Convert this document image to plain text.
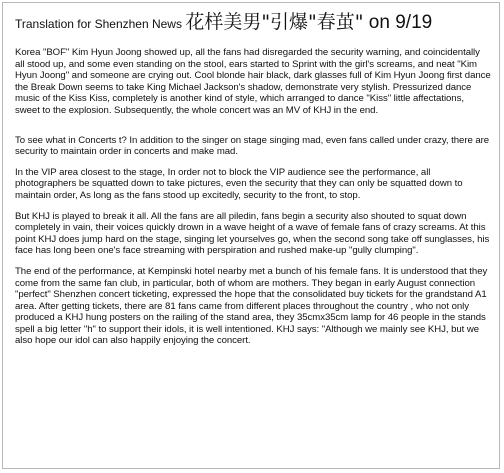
Translation for Shenzhen News 花样美男"引爆"春茧" on 9/19

Korea "BOF" Kim Hyun Joong showed up, all the fans had disregarded the security warning, and coincidentally all stood up, and some even standing on the stool, ears started to Sprint with the girl's screams, and neat "Kim Hyun Joong" and someone are crying out. Cool blonde hair black, dark glasses full of Kim Hyun Joong first dance the Break Down seems to take King Michael Jackson's shadow, demonstrate very stylish. Pressurized dance music of the Kiss Kiss, completely is another kind of style, which arranged to dance "Kiss" little affectations, sweet to the explosion. Subsequently, the whole concert was an MV of KHJ in the end.

To see what in Concerts t? In addition to the singer on stage singing mad, even fans called under crazy, there are security to maintain order in concerts and make mad.

In the VIP area closest to the stage, In order not to block the VIP audience see the performance, all photographers be squatted down to take pictures, even the security that they can only be squatted down to maintain order, As long as the fans stood up excitedly, security to the front, to stop.

But KHJ is played to break it all. All the fans are all piledin, fans begin a security also shouted to squat down completely in vain, their voices quickly drown in a wave height of a wave of female fans of crazy screams. At this point KHJ does jump hard on the stage, singing let yourselves go, when the second song take off sunglasses, his face has long been one's face streaming with perspiration and rushed make-up "gully clumping".

The end of the performance, at Kempinski hotel nearby met a bunch of his female fans. It is understood that they come from the same fan club, in particular, both of whom are mothers. They began in early August connection "perfect" Shenzhen concert ticketing, expressed the hope that the consolidated buy tickets for the grandstand A1 area. After getting tickets, there are 81 fans came from different places throughout the country , who not only produced a KHJ hung posters on the railing of the stand area, they 35cmx35cm lamp for 46 people in the stands spell a big letter "h" to support their idols, it is well intentioned. KHJ says: "Although we mainly see KHJ, but we also hope our idol can also happily enjoying the concert.
